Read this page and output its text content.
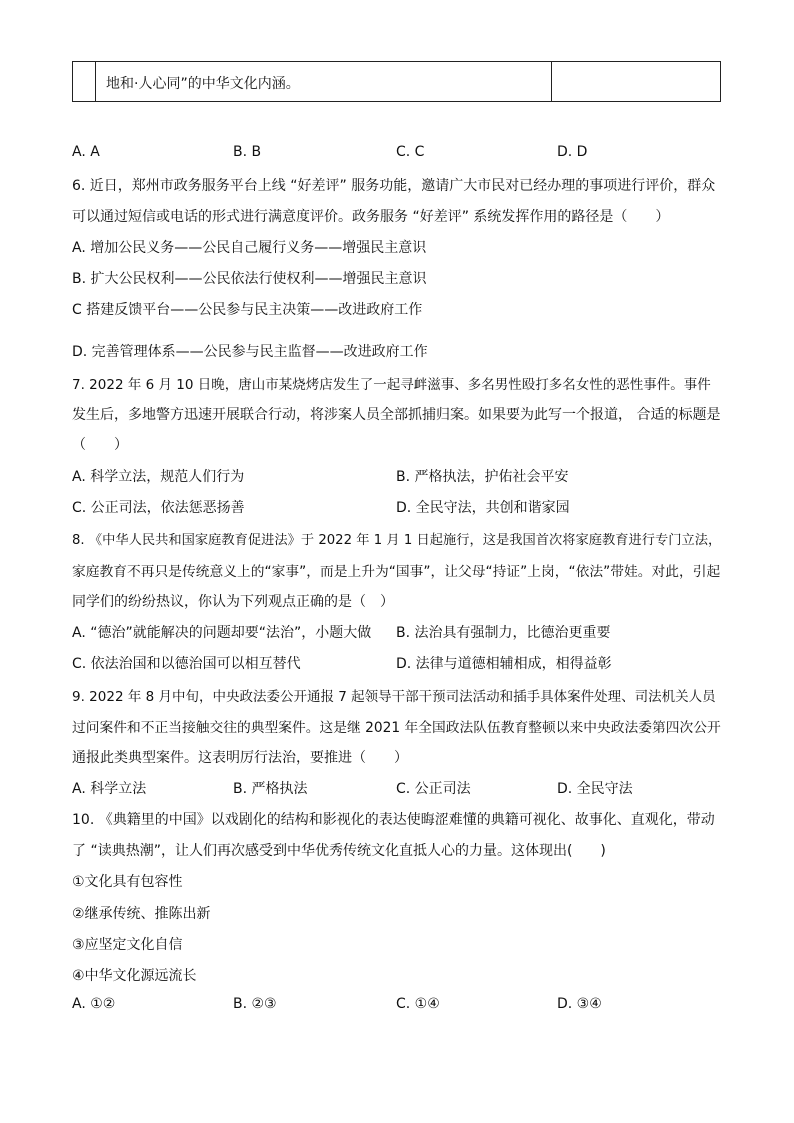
地和·人心同”的中华文化内涵。
A. A	B. B	C. C	D. D
6. 近日，郑州市政务服务平台上线 “好差评” 服务功能，邀请广大市民对已经办理的事项进行评价，群众
可以通过短信或电话的形式进行满意度评价。政务服务 “好差评” 系统发挥作用的路径是（　　）
A. 增加公民义务——公民自己履行义务——增强民主意识
B. 扩大公民权利——公民依法行使权利——增强民主意识
C 搭建反馈平台——公民参与民主决策——改进政府工作
D. 完善管理体系——公民参与民主监督——改进政府工作
7. 2022 年 6 月 10 日晚，唐山市某烧烤店发生了一起寻衅滋事、多名男性殴打多名女性的恶性事件。事件
发生后，多地警方迅速开展联合行动，将涉案人员全部抓捕归案。如果要为此写一个报道， 合适的标题是
（　　）
A. 科学立法，规范人们行为	B. 严格执法，护佑社会平安
C. 公正司法，依法惩恶扬善	D. 全民守法，共创和谐家园
8. 《中华人民共和国家庭教育促进法》于 2022 年 1 月 1 日起施行，这是我国首次将家庭教育进行专门立法，
家庭教育不再只是传统意义上的“家事”，而是上升为“国事”，让父母“持证”上岗，“依法”带娃。对此，引起
同学们的纷纷热议，你认为下列观点正确的是（　）
A. “德治”就能解决的问题却要“法治”，小题大做 B. 法治具有强制力，比德治更重要
C. 依法治国和以德治国可以相互替代	D. 法律与道德相辅相成，相得益彰
9. 2022 年 8 月中旬，中央政法委公开通报 7 起领导干部干预司法活动和插手具体案件处理、司法机关人员
过问案件和不正当接触交往的典型案件。这是继 2021 年全国政法队伍教育整顿以来中央政法委第四次公开
通报此类典型案件。这表明厉行法治，要推进（　　）
A. 科学立法	B. 严格执法	C. 公正司法	D. 全民守法
10. 《典籍里的中国》以戏剧化的结构和影视化的表达使晦涩难懂的典籍可视化、故事化、直观化，带动
了 “读典热潮”，让人们再次感受到中华优秀传统文化直抵人心的力量。这体现出(　　)
①文化具有包容性
②继承传统、推陈出新
③应坚定文化自信
④中华文化源远流长
A. ①②	B. ②③	C. ①④	D. ③④
